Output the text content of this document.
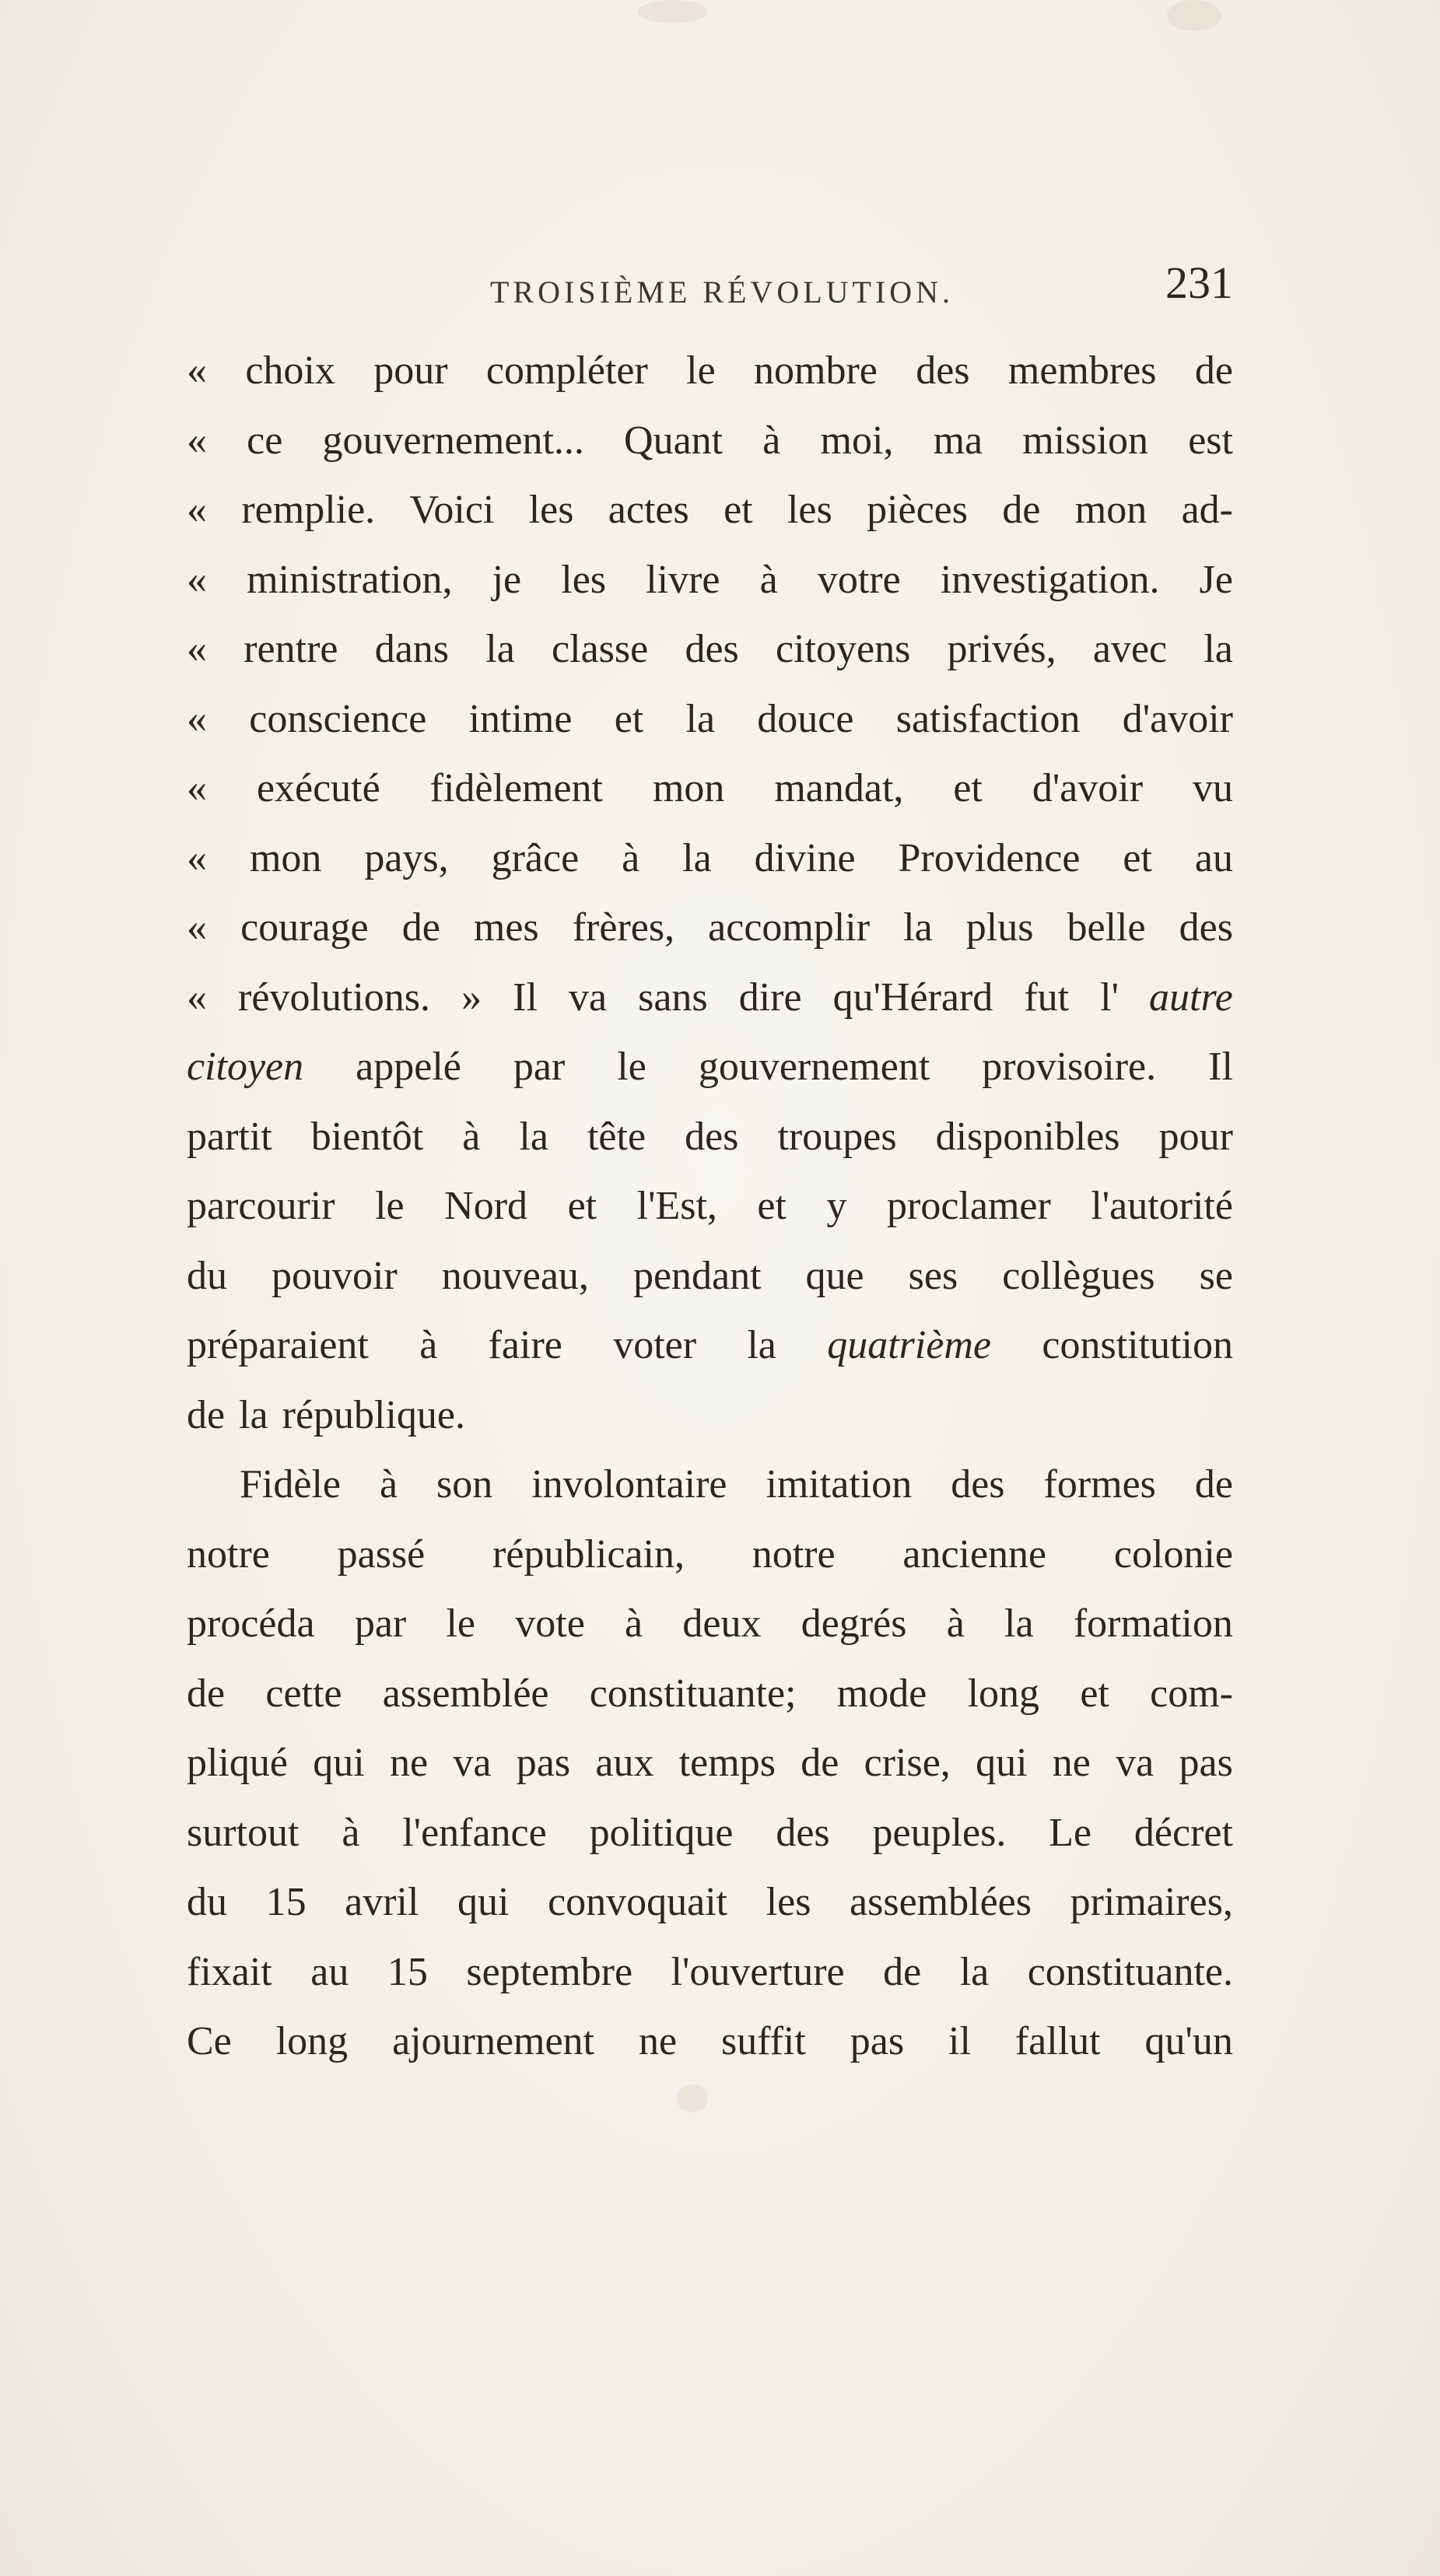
TROISIÈME RÉVOLUTION.	231
« choix pour compléter le nombre des membres de
« ce gouvernement... Quant à moi, ma mission est
« remplie. Voici les actes et les pièces de mon ad-
« ministration, je les livre à votre investigation. Je
« rentre dans la classe des citoyens privés, avec la
« conscience intime et la douce satisfaction d'avoir
« exécuté fidèlement mon mandat, et d'avoir vu
« mon pays, grâce à la divine Providence et au
« courage de mes frères, accomplir la plus belle des
« révolutions. » Il va sans dire qu'Hérard fut l' autre
citoyen appelé par le gouvernement provisoire. Il
partit bientôt à la tête des troupes disponibles pour
parcourir le Nord et l'Est, et y proclamer l'autorité
du pouvoir nouveau, pendant que ses collègues se
préparaient à faire voter la quatrième constitution
de la république.
Fidèle à son involontaire imitation des formes de
notre passé républicain, notre ancienne colonie
procéda par le vote à deux degrés à la formation
de cette assemblée constituante; mode long et com-
pliqué qui ne va pas aux temps de crise, qui ne va pas
surtout à l'enfance politique des peuples. Le décret
du 15 avril qui convoquait les assemblées primaires,
fixait au 15 septembre l'ouverture de la constituante.
Ce long ajournement ne suffit pas il fallut qu'un
